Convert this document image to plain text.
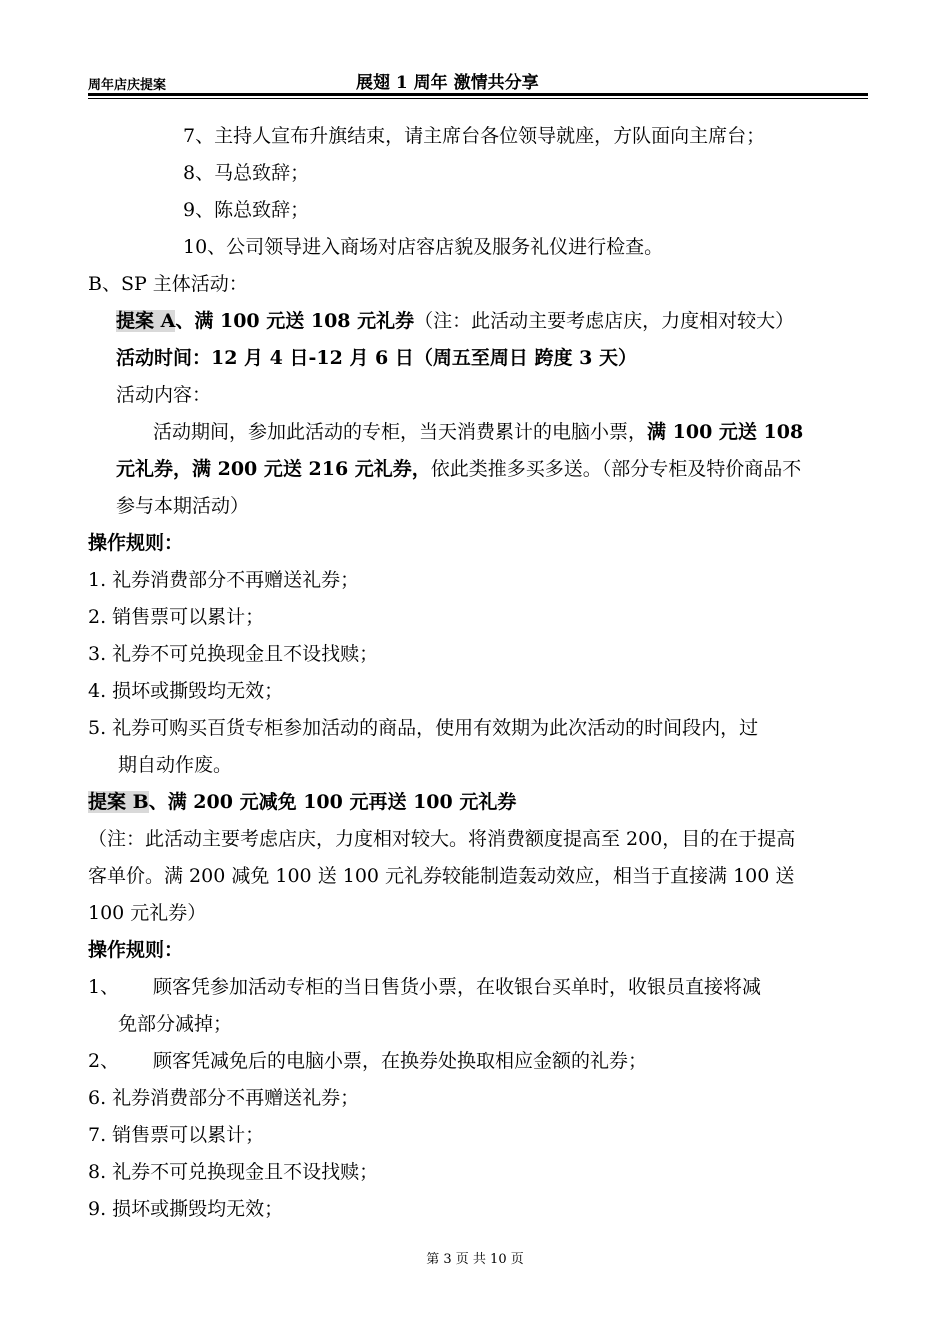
周年店庆提案	展翅 1 周年 激情共分享
7、主持人宣布升旗结束，请主席台各位领导就座，方队面向主席台；
8、马总致辞；
9、陈总致辞；
10、公司领导进入商场对店容店貌及服务礼仪进行检查。
B、SP 主体活动：
提案 A、满 100 元送 108 元礼券（注：此活动主要考虑店庆，力度相对较大）
活动时间：12 月 4 日-12 月 6 日（周五至周日 跨度 3 天）
活动内容：
活动期间，参加此活动的专柜，当天消费累计的电脑小票，满 100 元送 108
元礼券，满 200 元送 216 元礼券，依此类推多买多送。（部分专柜及特价商品不
参与本期活动）
操作规则：
1. 礼券消费部分不再赠送礼券；
2. 销售票可以累计；
3. 礼券不可兑换现金且不设找赎；
4. 损坏或撕毁均无效；
5. 礼券可购买百货专柜参加活动的商品，使用有效期为此次活动的时间段内，过
期自动作废。
提案 B、满 200 元减免 100 元再送 100 元礼券
（注：此活动主要考虑店庆，力度相对较大。将消费额度提高至 200，目的在于提高
客单价。满 200 减免 100 送 100 元礼券较能制造轰动效应，相当于直接满 100 送
100 元礼券）
操作规则：
1、 顾客凭参加活动专柜的当日售货小票，在收银台买单时，收银员直接将减
免部分减掉；
2、 顾客凭减免后的电脑小票，在换券处换取相应金额的礼券；
6. 礼券消费部分不再赠送礼券；
7. 销售票可以累计；
8. 礼券不可兑换现金且不设找赎；
9. 损坏或撕毁均无效；
第 3 页 共 10 页
